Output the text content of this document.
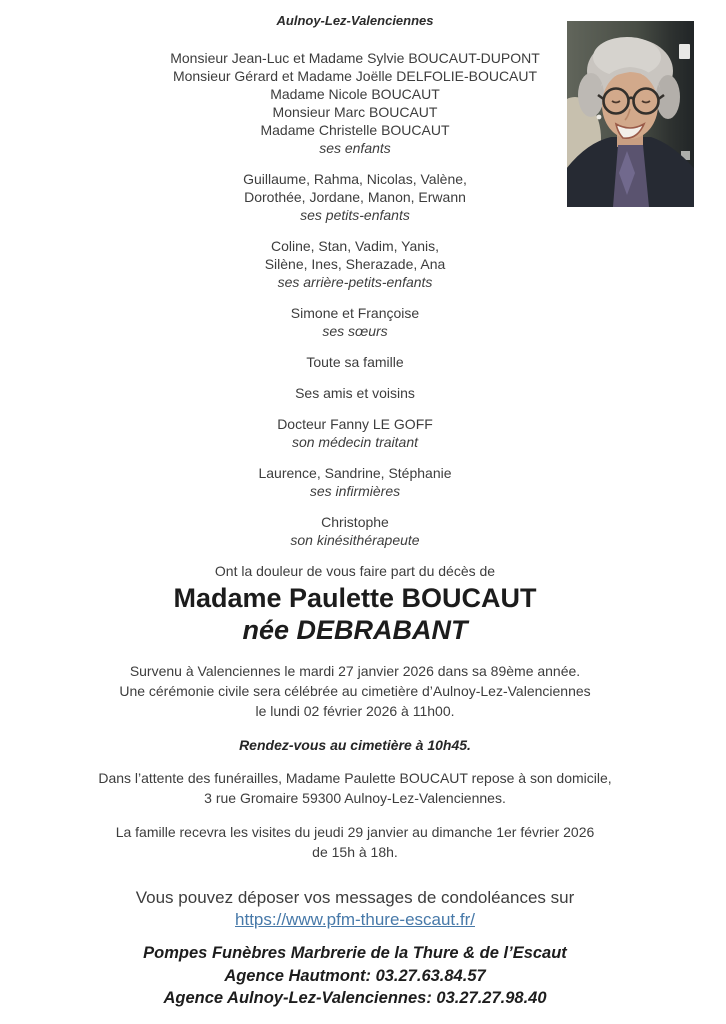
Aulnoy-Lez-Valenciennes
Monsieur Jean-Luc et Madame Sylvie BOUCAUT-DUPONT
Monsieur Gérard et Madame Joëlle DELFOLIE-BOUCAUT
Madame Nicole BOUCAUT
Monsieur Marc BOUCAUT
Madame Christelle BOUCAUT
ses enfants
Guillaume, Rahma, Nicolas, Valène,
Dorothée, Jordane, Manon, Erwann
ses petits-enfants
Coline, Stan, Vadim, Yanis,
Silène, Ines, Sherazade, Ana
ses arrière-petits-enfants
Simone et Françoise
ses sœurs
Toute sa famille
Ses amis et voisins
Docteur Fanny LE GOFF
son médecin traitant
Laurence, Sandrine, Stéphanie
ses infirmières
Christophe
son kinésithérapeute
Ont la douleur de vous faire part du décès de
Madame Paulette BOUCAUT
née DEBRABANT
Survenu à Valenciennes le mardi 27 janvier 2026 dans sa 89ème année.
Une cérémonie civile sera célébrée au cimetière d’Aulnoy-Lez-Valenciennes
le lundi 02 février 2026 à 11h00.
Rendez-vous au cimetière à 10h45.
Dans l’attente des funérailles, Madame Paulette BOUCAUT repose à son domicile,
3 rue Gromaire 59300 Aulnoy-Lez-Valenciennes.
La famille recevra les visites du jeudi 29 janvier au dimanche 1er février 2026
de 15h à 18h.
Vous pouvez déposer vos messages de condoléances sur
https://www.pfm-thure-escaut.fr/
Pompes Funèbres Marbrerie de la Thure & de l’Escaut
Agence Hautmont: 03.27.63.84.57
Agence Aulnoy-Lez-Valenciennes: 03.27.27.98.40
